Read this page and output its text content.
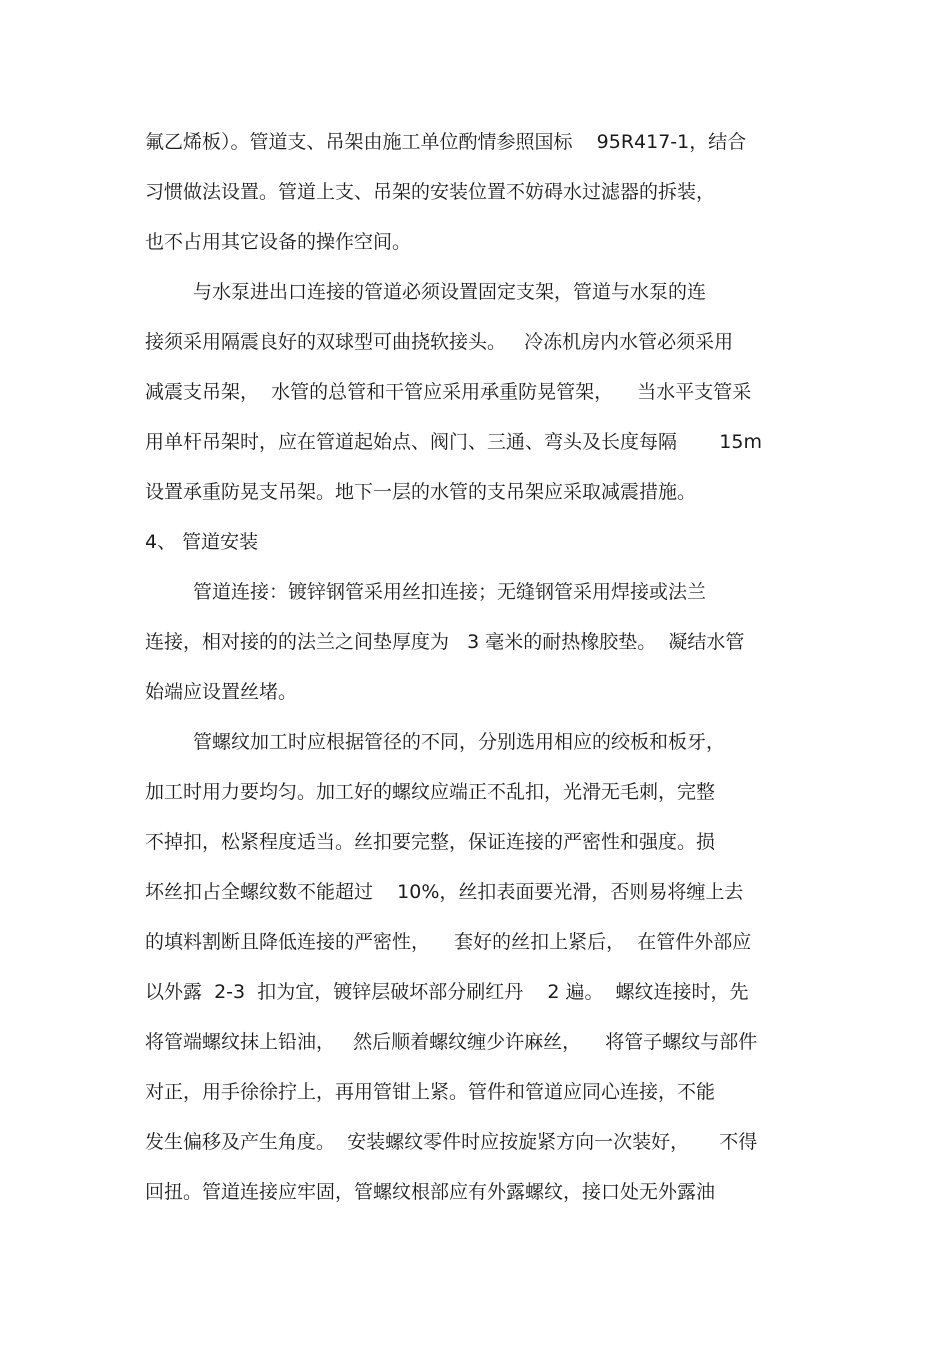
氟乙烯板）。管道支、吊架由施工单位酌情参照国标    95R417-1，结合
习惯做法设置。管道上支、吊架的安装位置不妨碍水过滤器的拆装，
也不占用其它设备的操作空间。
与水泵进出口连接的管道必须设置固定支架，管道与水泵的连
接须采用隔震良好的双球型可曲挠软接头。   冷冻机房内水管必须采用
减震支吊架，  水管的总管和干管应采用承重防晃管架，    当水平支管采
用单杆吊架时，应在管道起始点、阀门、三通、弯头及长度每隔       15m
设置承重防晃支吊架。地下一层的水管的支吊架应采取减震措施。
4、 管道安装
管道连接：镀锌钢管采用丝扣连接；无缝钢管采用焊接或法兰
连接，相对接的的法兰之间垫厚度为   3 毫米的耐热橡胶垫。  凝结水管
始端应设置丝堵。
管螺纹加工时应根据管径的不同，分别选用相应的绞板和板牙，
加工时用力要均匀。加工好的螺纹应端正不乱扣，光滑无毛刺，完整
不掉扣，松紧程度适当。丝扣要完整，保证连接的严密性和强度。损
坏丝扣占全螺纹数不能超过    10%，丝扣表面要光滑，否则易将缠上去
的填料割断且降低连接的严密性，    套好的丝扣上紧后，  在管件外部应
以外露  2-3  扣为宜，镀锌层破坏部分刷红丹    2 遍。  螺纹连接时，先
将管端螺纹抹上铅油，   然后顺着螺纹缠少许麻丝，    将管子螺纹与部件
对正，用手徐徐拧上，再用管钳上紧。管件和管道应同心连接，不能
发生偏移及产生角度。  安装螺纹零件时应按旋紧方向一次装好，     不得
回扭。管道连接应牢固，管螺纹根部应有外露螺纹，接口处无外露油
